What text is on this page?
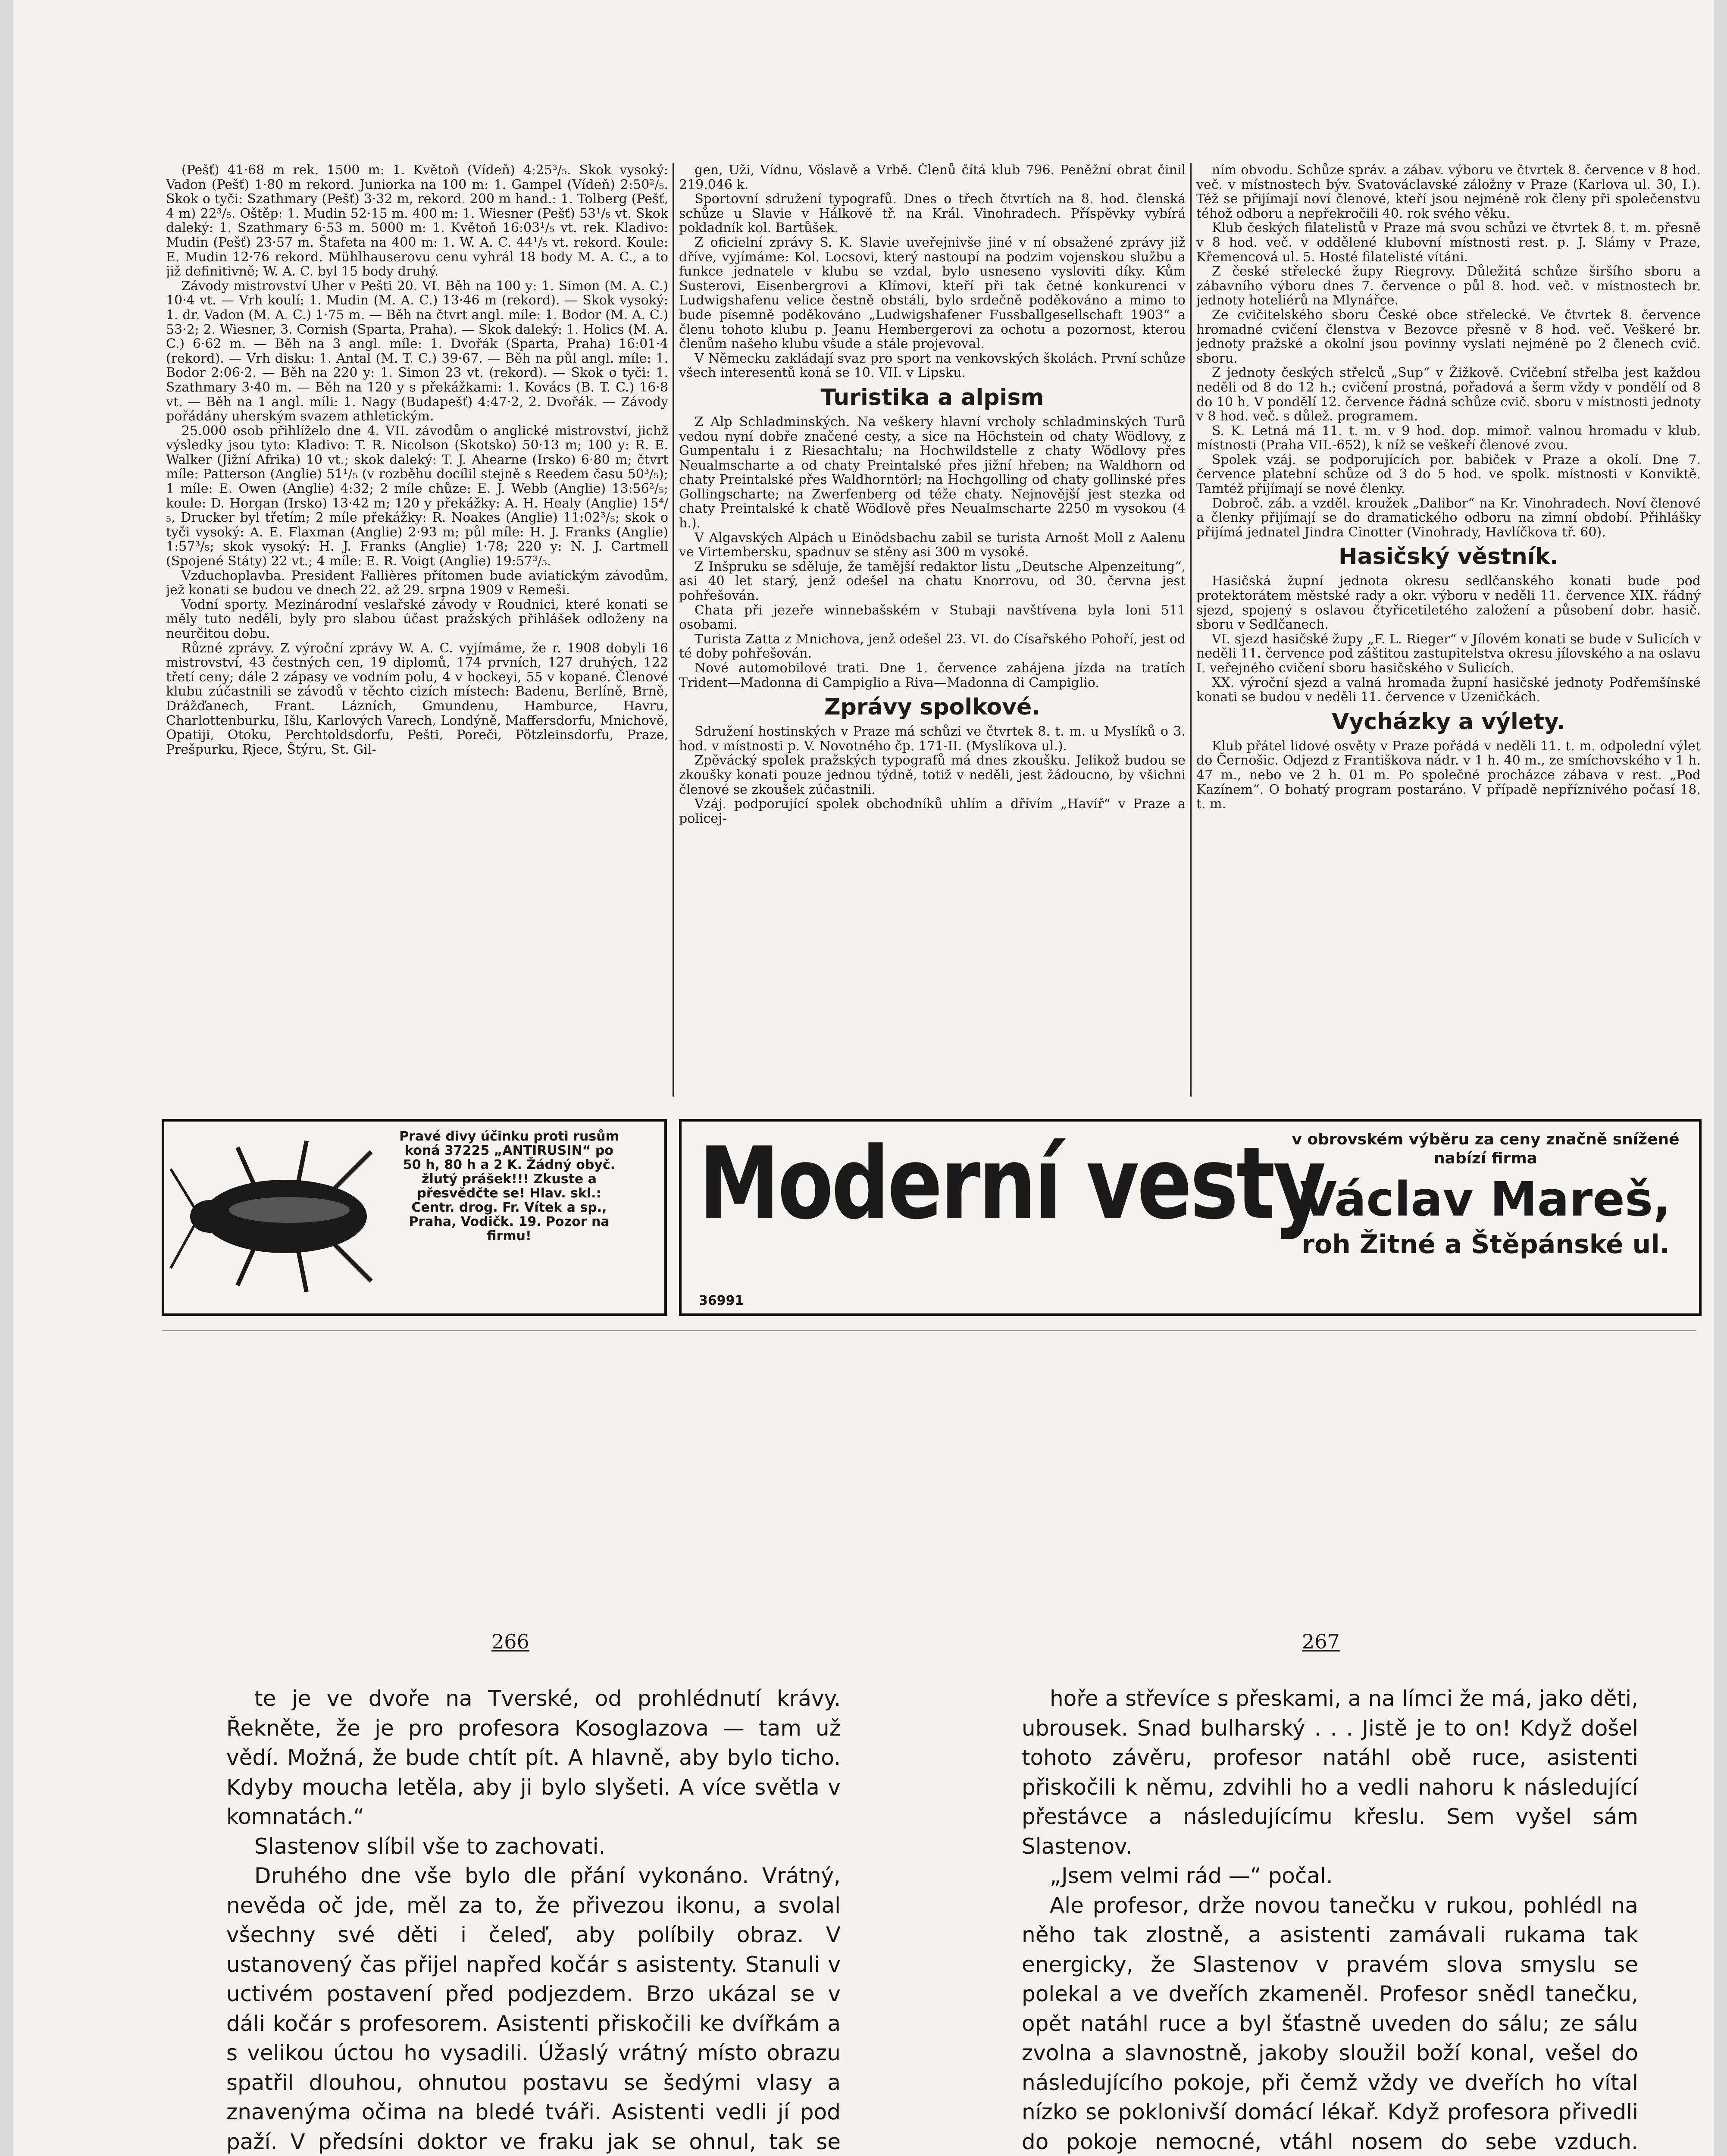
(Pešť) 41·68 m rek. 1500 m: 1. Květoň (Vídeň) 4:25³/₅. Skok vysoký: Vadon (Pešť) 1·80 m rekord. Juniorka na 100 m: 1. Gampel (Vídeň) 2:50²/₅. Skok o tyči: Szathmary (Pešť) 3·32 m, rekord. 200 m hand.: 1. Tolberg (Pešť, 4 m) 22³/₅. Oštěp: 1. Mudin 52·15 m. 400 m: 1. Wiesner (Pešť) 53¹/₅ vt. Skok daleký: 1. Szathmary 6·53 m. 5000 m: 1. Květoň 16:03¹/₅ vt. rek. Kladivo: Mudin (Pešť) 23·57 m. Štafeta na 400 m: 1. W. A. C. 44¹/₅ vt. rekord. Koule: E. Mudin 12·76 rekord. Mühlhauserovu cenu vyhrál 18 body M. A. C., a to již definitivně; W. A. C. byl 15 body druhý.

Závody mistrovství Uher v Pešti 20. VI. Běh na 100 y: 1. Simon (M. A. C.) 10·4 vt. — Vrh koulí: 1. Mudin (M. A. C.) 13·46 m (rekord). — Skok vysoký: 1. dr. Vadon (M. A. C.) 1·75 m. — Běh na čtvrt angl. míle: 1. Bodor (M. A. C.) 53·2; 2. Wiesner, 3. Cornish (Sparta, Praha). — Skok daleký: 1. Holics (M. A. C.) 6·62 m. — Běh na 3 angl. míle: 1. Dvořák (Sparta, Praha) 16:01·4 (rekord). — Vrh disku: 1. Antal (M. T. C.) 39·67. — Běh na půl angl. míle: 1. Bodor 2:06·2. — Běh na 220 y: 1. Simon 23 vt. (rekord). — Skok o tyči: 1. Szathmary 3·40 m. — Běh na 120 y s překážkami: 1. Kovács (B. T. C.) 16·8 vt. — Běh na 1 angl. míli: 1. Nagy (Budapešť) 4:47·2, 2. Dvořák. — Závody pořádány uherským svazem athletickým.

25.000 osob přihlíželo dne 4. VII. závodům o anglické mistrovství, jichž výsledky jsou tyto: Kladivo: T. R. Nicolson (Skotsko) 50·13 m; 100 y: R. E. Walker (Jižní Afrika) 10 vt.; skok daleký: T. J. Ahearne (Irsko) 6·80 m; čtvrt míle: Patterson (Anglie) 51¹/₅ (v rozběhu docílil stejně s Reedem času 50³/₅); 1 míle: E. Owen (Anglie) 4:32; 2 míle chůze: E. J. Webb (Anglie) 13:56²/₅; koule: D. Horgan (Irsko) 13·42 m; 120 y překážky: A. H. Healy (Anglie) 15⁴/₅, Drucker byl třetím; 2 míle překážky: R. Noakes (Anglie) 11:02³/₅; skok o tyči vysoký: A. E. Flaxman (Anglie) 2·93 m; půl míle: H. J. Franks (Anglie) 1:57³/₅; skok vysoký: H. J. Franks (Anglie) 1·78; 220 y: N. J. Cartmell (Spojené Státy) 22 vt.; 4 míle: E. R. Voigt (Anglie) 19:57³/₅.

Vzduchoplavba. President Fallières přítomen bude aviatickým závodům, jež konati se budou ve dnech 22. až 29. srpna 1909 v Remeši.

Vodní sporty. Mezinárodní veslařské závody v Roudnici, které konati se měly tuto neděli, byly pro slabou účast pražských přihlášek odloženy na neurčitou dobu.

Různé zprávy. Z výroční zprávy W. A. C. vyjímáme, že r. 1908 dobyli 16 mistrovství, 43 čestných cen, 19 diplomů, 174 prvních, 127 druhých, 122 třetí ceny; dále 2 zápasy ve vodním polu, 4 v hockeyi, 55 v kopané. Členové klubu zúčastnili se závodů v těchto cizích místech: Badenu, Berlíně, Brně, Drážďanech, Frant. Lázních, Gmundenu, Hamburce, Havru, Charlottenburku, Išlu, Karlových Varech, Londýně, Maffersdorfu, Mnichově, Opatiji, Otoku, Perchtoldsdorfu, Pešti, Poreči, Pötzleinsdorfu, Praze, Prešpurku, Rjece, Štýru, St. Gil-

gen, Uži, Vídnu, Vöslavě a Vrbě. Členů čítá klub 796. Peněžní obrat činil 219.046 k.

Sportovní sdružení typografů. Dnes o třech čtvrtích na 8. hod. členská schůze u Slavie v Hálkově tř. na Král. Vinohradech. Příspěvky vybírá pokladník kol. Bartůšek.

Z oficielní zprávy S. K. Slavie uveřejnivše jiné v ní obsažené zprávy již dříve, vyjímáme: Kol. Locsovi, který nastoupí na podzim vojenskou službu a funkce jednatele v klubu se vzdal, bylo usneseno vysloviti díky. Kům Susterovi, Eisenbergrovi a Klímovi, kteří při tak četné konkurenci v Ludwigshafenu velice čestně obstáli, bylo srdečně poděkováno a mimo to bude písemně poděkováno „Ludwigshafener Fussballgesellschaft 1903“ a členu tohoto klubu p. Jeanu Hembergerovi za ochotu a pozornost, kterou členům našeho klubu všude a stále projevoval.

V Německu zakládají svaz pro sport na venkovských školách. První schůze všech interesentů koná se 10. VII. v Lipsku.

Turistika a alpism

Z Alp Schladminských. Na veškery hlavní vrcholy schladminských Turů vedou nyní dobře značené cesty, a sice na Höchstein od chaty Wödlovy, z Gumpentalu i z Riesachtalu; na Hochwildstelle z chaty Wödlovy přes Neualmscharte a od chaty Preintalské přes jižní hřeben; na Waldhorn od chaty Preintalské přes Waldhorntörl; na Hochgolling od chaty gollinské přes Gollingscharte; na Zwerfenberg od téže chaty. Nejnovější jest stezka od chaty Preintalské k chatě Wödlově přes Neualmscharte 2250 m vysokou (4 h.).

V Algavských Alpách u Einödsbachu zabil se turista Arnošt Moll z Aalenu ve Virtembersku, spadnuv se stěny asi 300 m vysoké.

Z Inšpruku se sděluje, že tamější redaktor listu „Deutsche Alpenzeitung“, asi 40 let starý, jenž odešel na chatu Knorrovu, od 30. června jest pohřešován.

Chata při jezeře winnebašském v Stubaji navštívena byla loni 511 osobami.

Turista Zatta z Mnichova, jenž odešel 23. VI. do Císařského Pohoří, jest od té doby pohřešován.

Nové automobilové trati. Dne 1. července zahájena jízda na tratích Trident—Madonna di Campiglio a Riva—Madonna di Campiglio.

Zprávy spolkové.

Sdružení hostinských v Praze má schůzi ve čtvrtek 8. t. m. u Myslíků o 3. hod. v místnosti p. V. Novotného čp. 171-II. (Myslíkova ul.).

Zpěvácký spolek pražských typografů má dnes zkoušku. Jelikož budou se zkoušky konati pouze jednou týdně, totiž v neděli, jest žádoucno, by všichni členové se zkoušek zúčastnili.

Vzáj. podporující spolek obchodníků uhlím a dřívím „Havíř“ v Praze a policej-

ním obvodu. Schůze správ. a zábav. výboru ve čtvrtek 8. července v 8 hod. več. v místnostech býv. Svatováclavské záložny v Praze (Karlova ul. 30, I.). Též se přijímají noví členové, kteří jsou nejméně rok členy při společenstvu téhož odboru a nepřekročili 40. rok svého věku.

Klub českých filatelistů v Praze má svou schůzi ve čtvrtek 8. t. m. přesně v 8 hod. več. v oddělené klubovní místnosti rest. p. J. Slámy v Praze, Křemencová ul. 5. Hosté filatelisté vítáni.

Z české střelecké župy Riegrovy. Důležitá schůze širšího sboru a zábavního výboru dnes 7. července o půl 8. hod. več. v místnostech br. jednoty hoteliérů na Mlynářce.

Ze cvičitelského sboru České obce střelecké. Ve čtvrtek 8. července hromadné cvičení členstva v Bezovce přesně v 8 hod. več. Veškeré br. jednoty pražské a okolní jsou povinny vyslati nejméně po 2 členech cvič. sboru.

Z jednoty českých střelců „Sup“ v Žižkově. Cvičební střelba jest každou neděli od 8 do 12 h.; cvičení prostná, pořadová a šerm vždy v pondělí od 8 do 10 h. V pondělí 12. července řádná schůze cvič. sboru v místnosti jednoty v 8 hod. več. s důlež. programem.

S. K. Letná má 11. t. m. v 9 hod. dop. mimoř. valnou hromadu v klub. místnosti (Praha VII.-652), k níž se veškeří členové zvou.

Spolek vzáj. se podporujících por. babiček v Praze a okolí. Dne 7. července platební schůze od 3 do 5 hod. ve spolk. místnosti v Konviktě. Tamtéž přijímají se nové členky.

Dobroč. záb. a vzděl. kroužek „Dalibor“ na Kr. Vinohradech. Noví členové a členky přijímají se do dramatického odboru na zimní období. Přihlášky přijímá jednatel Jindra Cinotter (Vinohrady, Havlíčkova tř. 60).

Hasičský věstník.

Hasičská župní jednota okresu sedlčanského konati bude pod protektorátem městské rady a okr. výboru v neděli 11. července XIX. řádný sjezd, spojený s oslavou čtyřicetiletého založení a působení dobr. hasič. sboru v Sedlčanech.

VI. sjezd hasičské župy „F. L. Rieger“ v Jílovém konati se bude v Sulicích v neděli 11. července pod záštitou zastupitelstva okresu jílovského a na oslavu I. veřejného cvičení sboru hasičského v Sulicích.

XX. výroční sjezd a valná hromada župní hasičské jednoty Podřemšínské konati se budou v neděli 11. července v Uzeničkách.

Vycházky a výlety.

Klub přátel lidové osvěty v Praze pořádá v neděli 11. t. m. odpolední výlet do Černošic. Odjezd z Františkova nádr. v 1 h. 40 m., ze smíchovského v 1 h. 47 m., nebo ve 2 h. 01 m. Po společné procházce zábava v rest. „Pod Kazínem“. O bohatý program postaráno. V případě nepříznivého počasí 18. t. m.

Pravé divy účinku proti rusům koná 37225 „ANTIRUSIN“ po 50 h, 80 h a 2 K. Žádný obyč. žlutý prášek!!! Zkuste a přesvědčte se! Hlav. skl.: Centr. drog. Fr. Vítek a sp., Praha, Vodičk. 19. Pozor na firmu!	Moderní vesty
36991
v obrovském výběru za ceny značně snížené nabízí firma
Václav Mareš,
roh Žitné a Štěpánské ul.
266	267

te je ve dvoře na Tverské, od prohlédnutí krávy. Řekněte, že je pro profesora Kosoglazova — tam už vědí. Možná, že bude chtít pít. A hlavně, aby bylo ticho. Kdyby moucha letěla, aby ji bylo slyšeti. A více světla v komnatách.“

Slastenov slíbil vše to zachovati.

Druhého dne vše bylo dle přání vykonáno. Vrátný, nevěda oč jde, měl za to, že přivezou ikonu, a svolal všechny své děti i čeleď, aby políbily obraz. V ustanovený čas přijel napřed kočár s asistenty. Stanuli v uctivém postavení před podjezdem. Brzo ukázal se v dáli kočár s profesorem. Asistenti přiskočili ke dvířkám a s velikou úctou ho vysadili. Úžaslý vrátný místo obrazu spatřil dlouhou, ohnutou postavu se šedými vlasy a znavenýma očima na bledé tváři. Asistenti vedli jí pod paží. V předsíni doktor ve fraku jak se ohnul, tak se

hoře a střevíce s přeskami, a na límci že má, jako děti, ubrousek. Snad bulharský . . . Jistě je to on! Když došel tohoto závěru, profesor natáhl obě ruce, asistenti přiskočili k němu, zdvihli ho a vedli nahoru k následující přestávce a následujícímu křeslu. Sem vyšel sám Slastenov.

„Jsem velmi rád —“ počal.

Ale profesor, drže novou tanečku v rukou, pohlédl na něho tak zlostně, a asistenti zamávali rukama tak energicky, že Slastenov v pravém slova smyslu se polekal a ve dveřích zkameněl. Profesor snědl tanečku, opět natáhl ruce a byl šťastně uveden do sálu; ze sálu zvolna a slavnostně, jakoby sloužil boží konal, vešel do následujícího pokoje, při čemž vždy ve dveřích ho vítal nízko se poklonivší domácí lékař. Když profesora přivedli do pokoje nemocné, vtáhl nosem do sebe vzduch.
